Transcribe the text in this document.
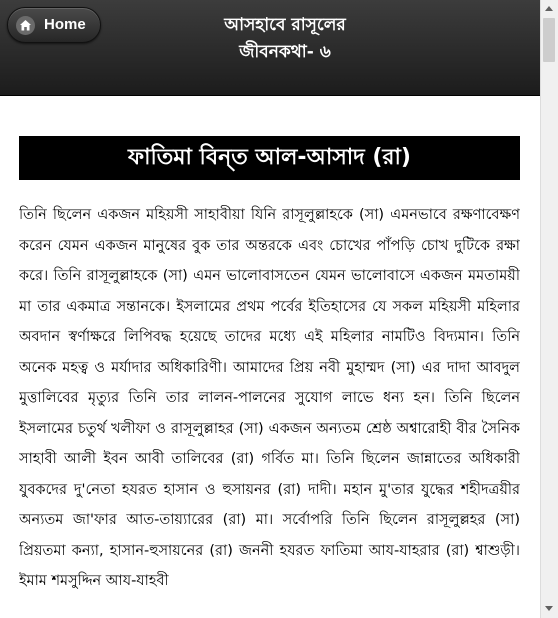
Home	আসহাবে রাসূলের
জীবনকথা- ৬
ফাতিমা বিন্‌ত আল-আসাদ (রা)

তিনি ছিলেন একজন মহিয়সী সাহাবীয়া যিনি রাসূলুল্লাহকে (সা) এমনভাবে রক্ষণাবেক্ষণ করেন যেমন একজন মানুষের বুক তার অন্তরকে এবং চোখের পাঁপড়ি চোখ দুটিকে রক্ষা করে। তিনি রাসূলুল্লাহকে (সা) এমন ভালোবাসতেন যেমন ভালোবাসে একজন মমতাময়ী মা তার একমাত্র সন্তানকে। ইসলামের প্রথম পর্বের ইতিহাসের যে সকল মহিয়সী মহিলার অবদান স্বর্ণাক্ষরে লিপিবদ্ধ হয়েছে তাদের মধ্যে এই মহিলার নামটিও বিদ্যমান। তিনি অনেক মহত্ব ও মর্যাদার অধিকারিণী। আমাদের প্রিয় নবী মুহাম্মদ (সা) এর দাদা আবদুল মুত্তালিবের মৃত্যুর তিনি তার লালন-পালনের সুযোগ লাভে ধন্য হন। তিনি ছিলেন ইসলামের চতুর্থ খলীফা ও রাসূলুল্লাহর (সা) একজন অন্যতম শ্রেষ্ঠ অশ্বারোহী বীর সৈনিক সাহাবী আলী ইবন আবী তালিবের (রা) গর্বিত মা। তিনি ছিলেন জান্নাতের অধিকারী যুবকদের দু'নেতা হযরত হাসান ও হুসায়নর (রা) দাদী। মহান মু'তার যুদ্ধের শহীদত্রয়ীর অন্যতম জা'ফার আত-তায়্যারের (রা) মা। সর্বোপরি তিনি ছিলেন রাসূলুল্লহর (সা) প্রিয়তমা কন্যা, হাসান-হুসায়নের (রা) জননী হযরত ফাতিমা আয-যাহরার (রা) শ্বাশুড়ী। ইমাম শমসুদ্দিন আয-যাহবী
